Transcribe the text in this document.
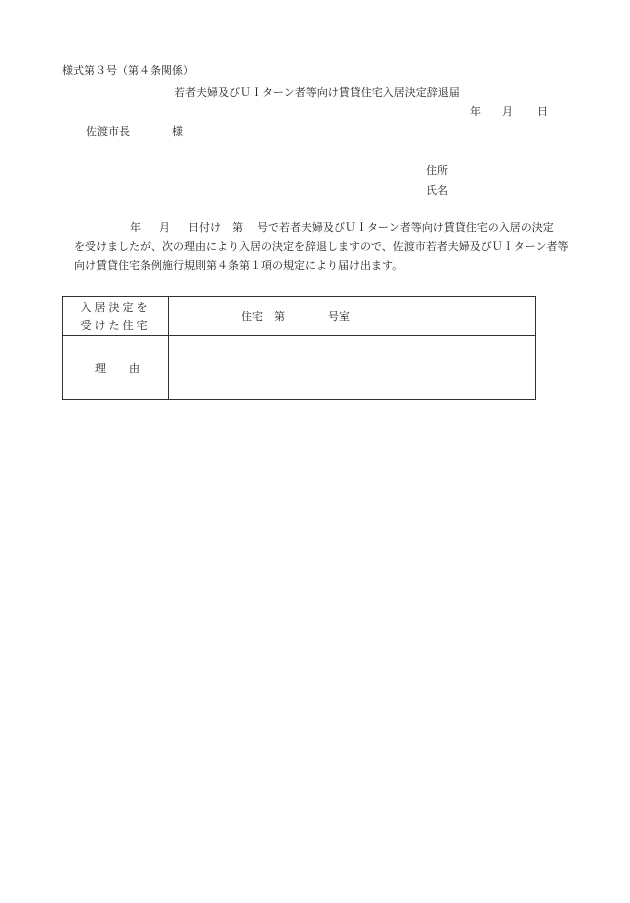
様式第３号（第４条関係）
若者夫婦及びＵＩターン者等向け賃貸住宅入居決定辞退届
年 月 日
佐渡市長	様
住所
氏名
年 月 日付け　第 号で若者夫婦及びＵＩターン者等向け賃貸住宅の入居の決定
を受けましたが、次の理由により入居の決定を辞退しますので、佐渡市若者夫婦及びＵＩターン者等
向け賃貸住宅条例施行規則第４条第１項の規定により届け出ます。
入居決定を
受けた住宅
住宅　第	号室
理 由
